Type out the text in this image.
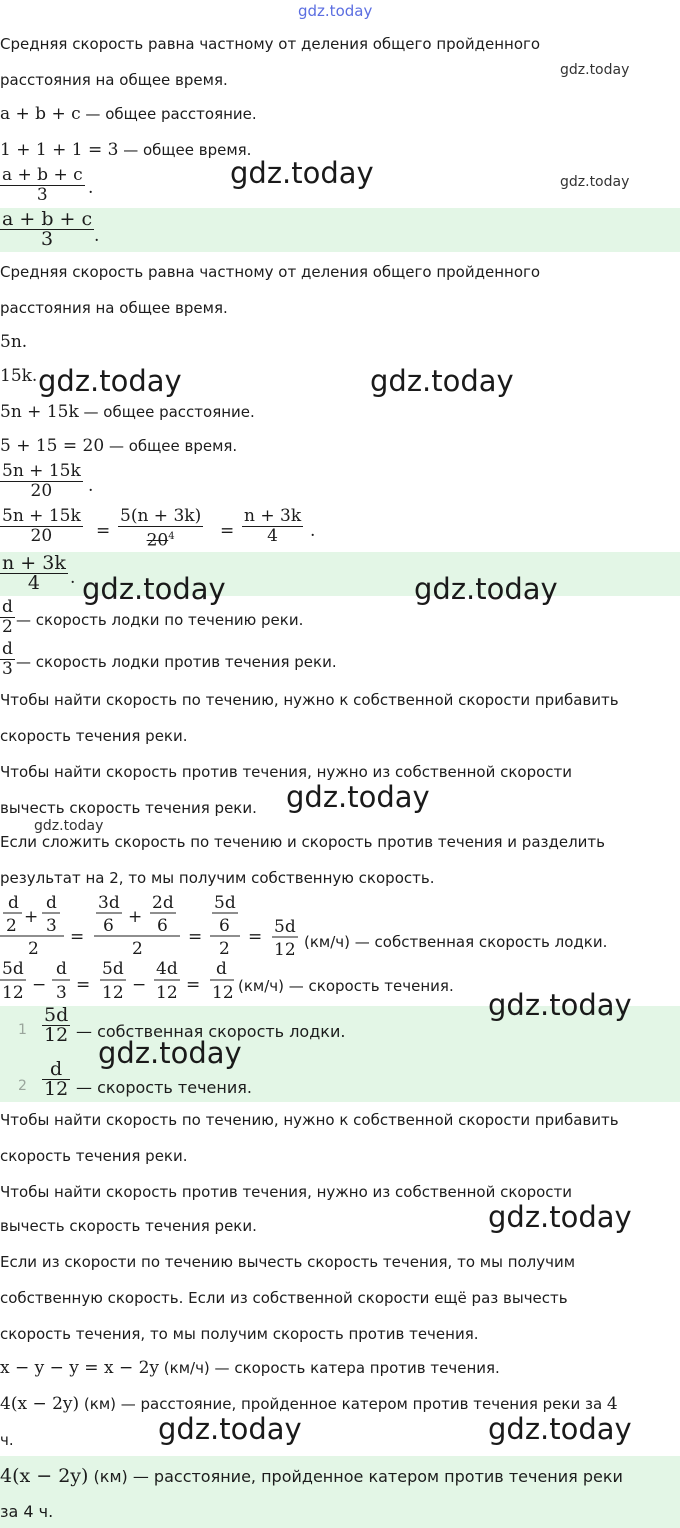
gdz.today
Средняя скорость равна частному от деления общего пройденного
расстояния на общее время.
a + b + c — общее расстояние.
1 + 1 + 1 = 3 — общее время.
$\frac{a + b + c}{3}$ .
$\frac{a + b + c}{3}$ .
Средняя скорость равна частному от деления общего пройденного
расстояния на общее время.
5n.
15k.
5n + 15k — общее расстояние.
5 + 15 = 20 — общее время.
$\frac{5n + 15k}{20}$ .
$\frac{5n + 15k}{20} = \frac{5(n + 3k)}{20^4} = \frac{n + 3k}{4}$ .
$\frac{n + 3k}{4}$ .
$\frac{d}{2}$ — скорость лодки по течению реки.
$\frac{d}{3}$ — скорость лодки против течения реки.
Чтобы найти скорость по течению, нужно к собственной скорости прибавить
скорость течения реки.
Чтобы найти скорость против течения, нужно из собственной скорости
вычесть скорость течения реки.
Если сложить скорость по течению и скорость против течения и разделить
результат на 2, то мы получим собственную скорость.
d
2 +
d
3
2
=
3d
6 +
2d
6
2
=
5d
6
2
= 5d
12 (км/ч) — собственная скорость лодки.
5d
12 −
d
3 =
5d
12 −
4d
12 =
d
12 (км/ч) — скорость течения.
$1 \frac{5d}{12}$ — собственная скорость лодки.
$2 \frac{d}{12}$ — скорость течения.
Чтобы найти скорость по течению, нужно к собственной скорости прибавить
скорость течения реки.
Чтобы найти скорость против течения, нужно из собственной скорости
вычесть скорость течения реки.
Если из скорости по течению вычесть скорость течения, то мы получим
собственную скорость. Если из собственной скорости ещё раз вычесть
скорость течения, то мы получим скорость против течения.
x − y − y = x − 2y (км/ч) — скорость катера против течения.
4(x − 2y) (км) — расстояние, пройденное катером против течения реки за 4
ч.
4(x − 2y) (км) — расстояние, пройденное катером против течения реки
за 4 ч.
gdz.today
gdz.today	gdz.today
gdz.today	gdz.today
gdz.today	gdz.today
gdz.today
gdz.today
gdz.today
gdz.today
gdz.today
gdz.today	gdz.today
